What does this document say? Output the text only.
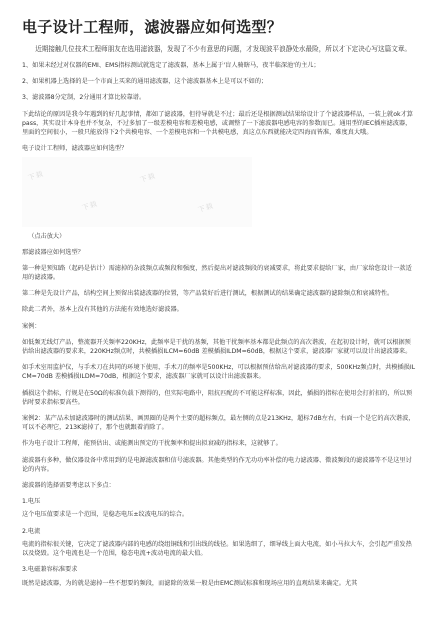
电子设计工程师，滤波器应如何选型？

近期接触几位技术工程师朋友在选用滤波器，发现了不少有意思的问题，才发现波平浪静处水最险，所以才下定决心写这篇文章。

1、如果未经过对仪器的EMI、EMS指标测试就选定了滤波器，基本上属于'盲人骑瞎马，夜半临深池'的主儿；

2、如果机器上选择的是一个市面上买来的通用滤波器，这个滤波器基本上是可以不如的；

3、滤波器8分定制，2分通用才算比较靠谱。

下此结论的原因是我今年遇到的好几起事情，都如了滤波器，但待导就是不过；最后还是根据测试结果给设计了个滤波器样品，一装上就ok才算pass，其实设计本身也并不复杂，不过多加了一级差模电容和差模电感，或调整了一下滤波器电感电容的参数而已。通用型的IEC插座滤波器，里面的空间很小，一般只能放得下2个共模电容、一个差模电容和一个共模电感，真这点东西就能决定四海而皆准，难度真大哦。

电子设计工程师，滤波器应如何选型？

下载
下载
下载
下载

（点击放大）

那滤波器应如何选型？

第一种是预知路（起码是估计）需滤掉的杂波频点或频段和强度，然后提出对滤波频段的衰减要求，将此要求提给厂家，由厂家给您设计一款适用的滤波器。

第二种是先设计产品，结构空间上预留出装滤波器的位置，等产品装好后进行测试，根据测试的结果确定滤波器的滤除频点和衰减特性。

除此二者外，基本上没有其他的方法能有效地选好滤波器。

案例：

如低频无线灯产品，整流器开关频率220KHz，此频率是干扰的基频，其他干扰频率基本都是此频点的高次谐波，在起初设计时，就可以根据预估给出滤波器的要求来，220KHz频点时，共模插损ILCM=60dB 差模插损ILDM=60dB，根据这个要求，滤波器厂家就可以设计出滤波器来。

如手术室用监护仪，与手术刀在共同的环境下使用，手术刀的频率是500KHz，可以根据预估给出对滤波器的要求，500KHz频点时，共模插损ILCM=70dB 差模插损ILDM=70dB，根据这个要求，滤波器厂家就可以设计出滤波器来。

插损这个指标，行规是在50Ω的标准负载下测得的，但实际电路中，阻抗匹配的不可能这样标准，因此，插损的指标在使用会打折扣的，所以预估时要求指标要高些。

案例2：某产品未加滤波器时的测试结果，画黑圈的是两个主要的超标频点，最左侧的点是213KHz，超标7dB左右，右面一个是它的高次谐波，可以不必理它，213K滤掉了，那个也就跟着消除了。

作为电子设计工程师，能预估出、或能测出预定的干扰频率和提出拟衰减的指标来，这就够了。

滤波器有多种，做仪器设备中常用到的是电源滤波器和信号滤波器。其他类型的作无功功率补偿的电力滤波器、微波频段的滤波器等不是这里讨论的内容。

滤波器的选择需要考虑以下多点：

1.电压

这个电压值要求是一个范围，是稳态电压±纹波电压的综合。

2.电流

电流的指标很关键，它决定了滤波器内部的电感的绕组铜线和引出线的线径。如果选细了，细导线上面大电流，如小马拉大车，会引起严重发热以及烧毁。这个电流也是一个范围，稳态电流+波动电流的最大值。

3.电磁兼容标准要求

既然是滤波器，为的就是滤掉一些不想要的频段，而滤除的效果一般是由EMC测试标准和现场应用的直观结果来确定。尤其
